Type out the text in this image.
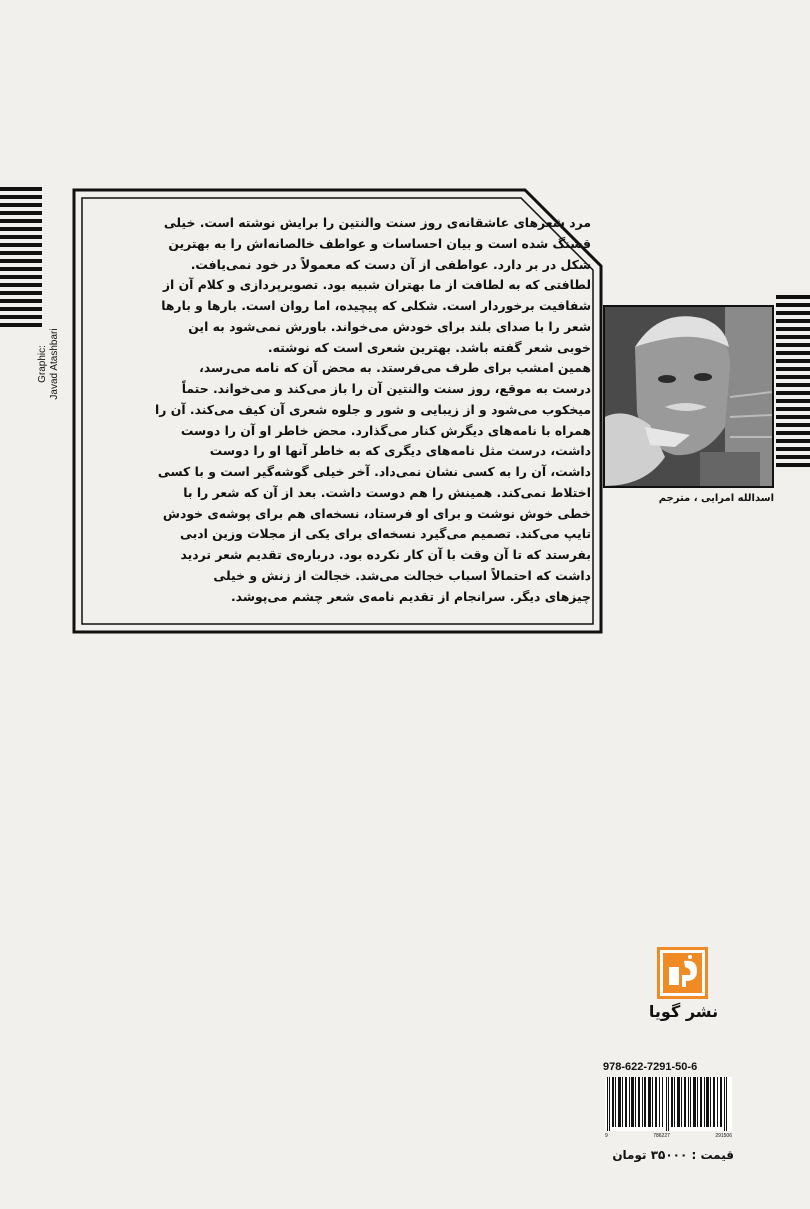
مرد شعرهای عاشقانه‌ی روز سنت والنتین را برایش نوشته است. خیلی

قشنگ شده است و بیان احساسات و عواطف خالصانه‌اش را به بهترین

شکل در بر دارد. عواطفی از آن دست که معمولاً در خود نمی‌یافت.

لطافتی که به لطافت از ما بهتران شبیه بود. تصویرپردازی و کلام آن از

شفافیت برخوردار است. شکلی که پیچیده، اما روان است. بارها و بارها

شعر را با صدای بلند برای خودش می‌خواند. باورش نمی‌شود به این

خوبی شعر گفته باشد. بهترین شعری است که نوشته.

همین امشب برای طرف می‌فرستد. به محض آن که نامه می‌رسد،

درست به موقع، روز سنت والنتین آن را باز می‌کند و می‌خواند. حتماً

میخکوب می‌شود و از زیبایی و شور و جلوه شعری آن کیف می‌کند. آن را

همراه با نامه‌های دیگرش کنار می‌گذارد. محض خاطر او آن را دوست

داشت، درست مثل نامه‌های دیگری که به خاطر آنها او را دوست

داشت، آن را به کسی نشان نمی‌داد. آخر خیلی گوشه‌گیر است و با کسی

اختلاط نمی‌کند. همینش را هم دوست داشت. بعد از آن که شعر را با

خطی خوش نوشت و برای او فرستاد، نسخه‌ای هم برای پوشه‌ی خودش

تایپ می‌کند. تصمیم می‌گیرد نسخه‌ای برای یکی از مجلات وزین ادبی

بفرستد که تا آن وقت با آن کار نکرده بود. درباره‌ی تقدیم شعر تردید

داشت که احتمالاً اسباب خجالت می‌شد. خجالت از زنش و خیلی

چیزهای دیگر. سرانجام از تقدیم نامه‌ی شعر چشم می‌پوشد.

Graphic: Javad Atashbari
اسدالله امرایی ، مترجم
نشر گویا
978-622-7291-50-6
9	786227	291506
قیمت : ۳۵۰۰۰ تومان
